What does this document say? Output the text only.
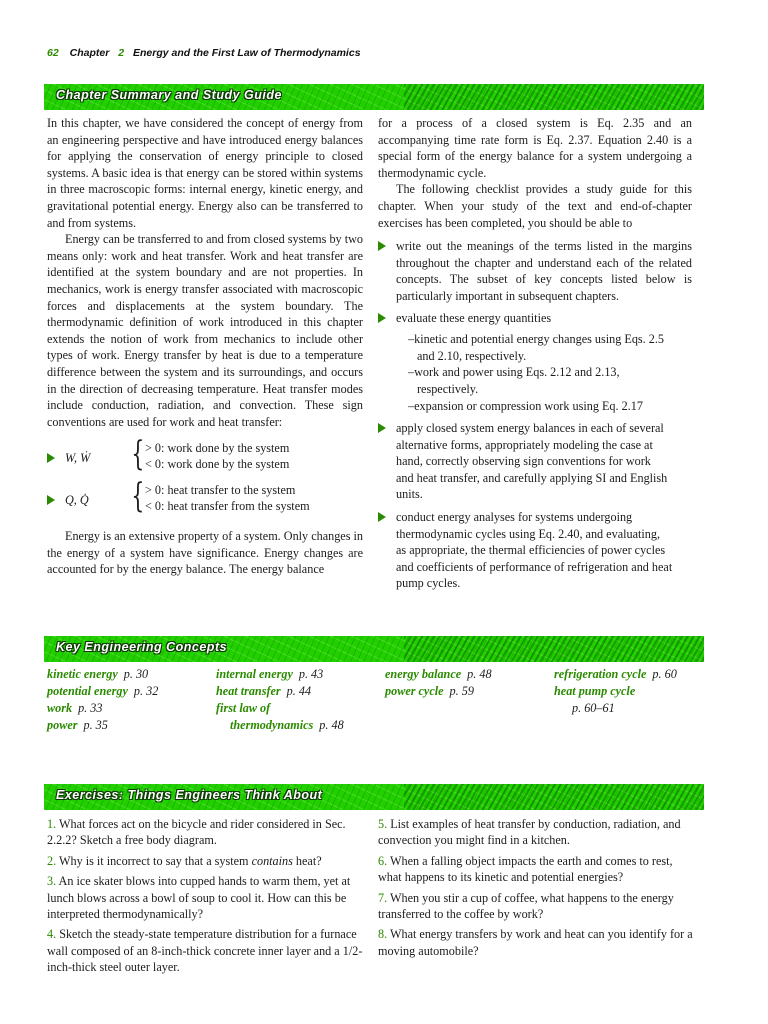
62 Chapter 2 Energy and the First Law of Thermodynamics
Chapter Summary and Study Guide

In this chapter, we have considered the concept of energy from an engineering perspective and have introduced energy balances for applying the conservation of energy principle to closed systems. A basic idea is that energy can be stored within systems in three macroscopic forms: internal energy, kinetic energy, and gravitational potential energy. Energy also can be transferred to and from systems.

Energy can be transferred to and from closed systems by two means only: work and heat transfer. Work and heat transfer are identified at the system boundary and are not properties. In mechanics, work is energy transfer associated with macroscopic forces and displacements at the system boundary. The thermodynamic definition of work introduced in this chapter extends the notion of work from mechanics to include other types of work. Energy transfer by heat is due to a temperature difference between the system and its surroundings, and occurs in the direction of decreasing temperature. Heat transfer modes include conduction, radiation, and convection. These sign conventions are used for work and heat transfer:

W, Ẇ { > 0: work done by the system
< 0: work done by the system
Q, Q̇ { > 0: heat transfer to the system
< 0: heat transfer from the system

Energy is an extensive property of a system. Only changes in the energy of a system have significance. Energy changes are accounted for by the energy balance. The energy balance

for a process of a closed system is Eq. 2.35 and an accompanying time rate form is Eq. 2.37. Equation 2.40 is a special form of the energy balance for a system undergoing a thermodynamic cycle.

The following checklist provides a study guide for this chapter. When your study of the text and end-of-chapter exercises has been completed, you should be able to

write out the meanings of the terms listed in the margins throughout the chapter and understand each of the related concepts. The subset of key concepts listed below is particularly important in subsequent chapters.

evaluate these energy quantities

–kinetic and potential energy changes using Eqs. 2.5
and 2.10, respectively.
–work and power using Eqs. 2.12 and 2.13,
respectively.
–expansion or compression work using Eq. 2.17
apply closed system energy balances in each of several
alternative forms, appropriately modeling the case at
hand, correctly observing sign conventions for work
and heat transfer, and carefully applying SI and English
units.
conduct energy analyses for systems undergoing
thermodynamic cycles using Eq. 2.40, and evaluating,
as appropriate, the thermal efficiencies of power cycles
and coefficients of performance of refrigeration and heat
pump cycles.
Key Engineering Concepts
kinetic energy p. 30
potential energy p. 32
work p. 33
power p. 35
internal energy p. 43
heat transfer p. 44
first law of
thermodynamics p. 48
energy balance p. 48
power cycle p. 59
refrigeration cycle p. 60
heat pump cycle
p. 60–61
Exercises: Things Engineers Think About

1. What forces act on the bicycle and rider considered in Sec. 2.2.2? Sketch a free body diagram.

2. Why is it incorrect to say that a system contains heat?

3. An ice skater blows into cupped hands to warm them, yet at lunch blows across a bowl of soup to cool it. How can this be interpreted thermodynamically?

4. Sketch the steady-state temperature distribution for a furnace wall composed of an 8-inch-thick concrete inner layer and a 1/2-inch-thick steel outer layer.

5. List examples of heat transfer by conduction, radiation, and convection you might find in a kitchen.

6. When a falling object impacts the earth and comes to rest, what happens to its kinetic and potential energies?

7. When you stir a cup of coffee, what happens to the energy transferred to the coffee by work?

8. What energy transfers by work and heat can you identify for a moving automobile?
